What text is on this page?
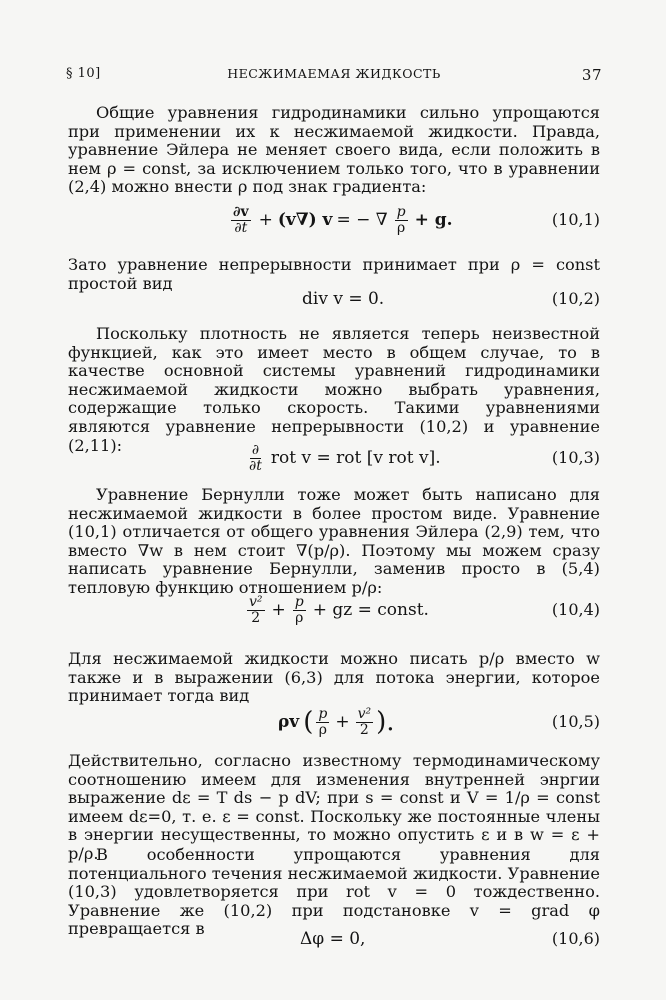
§ 10]	НЕСЖИМАЕМАЯ ЖИДКОСТЬ	37
Общие уравнения гидродинамики сильно упрощаются при применении их к несжимаемой жидкости. Правда, уравнение Эйлера не меняет своего вида, если положить в нем ρ = const, за исключением только того, что в уравнении (2,4) можно внести ρ под знак градиента:
$\frac{\partial v}{\partial t} + (v\nabla) v$ = − ∇ $\frac{p}{\rho} + g$.	(10,1)
Зато уравнение непрерывности принимает при ρ = const простой вид
div v = 0.	(10,2)
Поскольку плотность не является теперь неизвестной функцией, как это имеет место в общем случае, то в качестве основной системы уравнений гидродинамики несжимаемой жидкости можно выбрать уравнения, содержащие только скорость. Такими уравнениями являются уравнение непрерывности (10,2) и уравнение (2,11):	$\frac{\partial}{\partial t}$ rot v = rot [v rot v].	(10,3)
Уравнение Бернулли тоже может быть написано для несжимаемой жидкости в более простом виде. Уравнение (10,1) отличается от общего уравнения Эйлера (2,9) тем, что вместо ∇w в нем стоит ∇(p/ρ). Поэтому мы можем сразу написать уравнение Бернулли, заменив просто в (5,4) тепловую функцию отношением p/ρ:
$\frac{\text{v²}}{2} + \frac{p}{\rho}$ + gz = const.	(10,4)
Для несжимаемой жидкости можно писать p/ρ вместо w также и в выражении (6,3) для потока энергии, которое принимает тогда вид
ρv ( $\frac{p}{\rho} + \frac{\text{v²}}{2}$ ).	(10,5)
Действительно, согласно известному термодинамическому соотношению имеем для изменения внутренней энргии выражение dε = T ds − p dV; при s = const и V = 1/ρ = const имеем dε=0, т. е. ε = const. Поскольку же постоянные члены в энергии несущественны, то можно опустить ε и в w = ε + p/ρ.
В особенности упрощаются уравнения для потенциального течения несжимаемой жидкости. Уравнение (10,3) удовлетворяется при rot v = 0 тождественно. Уравнение же (10,2) при подстановке v = grad φ превращается в
Δφ = 0,	(10,6)
